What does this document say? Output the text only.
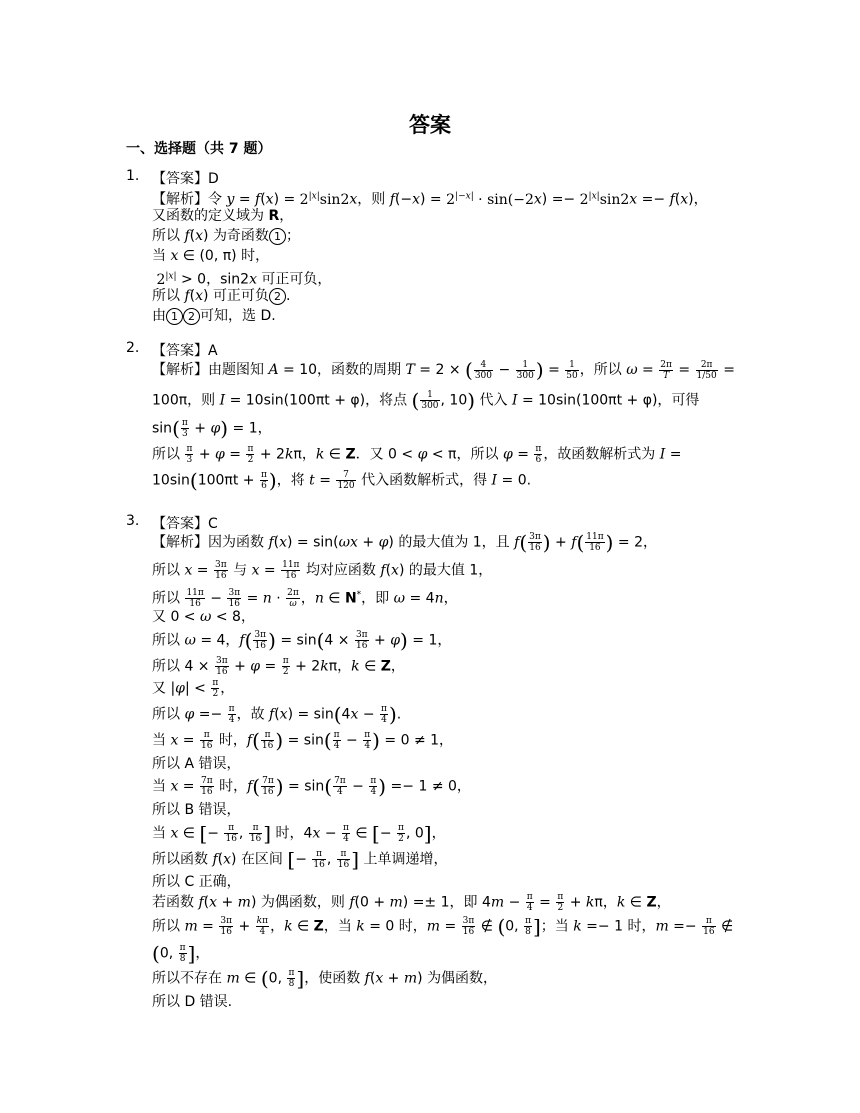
答案
一、选择题（共 7 题）
1. 【答案】D
【解析】令 $y = f(x) = 2^{|x|}\sin 2x$，则 $f(-x) = 2^{|-x|} \cdot \sin(-2x) =- 2^{|x|}\sin 2x =- f(x)$，
又函数的定义域为 R，
所以 f(x) 为奇函数 1 ；
当 x ∈ (0, π) 时，
$2^{|x|} > 0$，sin2x 可正可负，
所以 f(x) 可正可负 2 .
由 1 2 可知，选 D.
2. 【答案】A
【解析】由题图知 A = 10，函数的周期 T = 2 × ( $\frac{4}{300} - \frac{1}{300}$ ) = $\frac{1}{50}$ ，所以 $\omega = \frac{2\pi}{T} = \frac{2\pi}{1/50}$ =
100π，则 I = 10sin(100πt + φ)，将点 ( $\frac{1}{300}$ , 10) 代入 I = 10sin(100πt + φ)，可得
$\sin( \frac{\pi}{3} + \varphi) = 1$，
所以 $\frac{\pi}{3} + \varphi = \frac{\pi}{2} + 2k\pi$，k ∈ Z．又 0 < φ < π，所以 $\varphi = \frac{\pi}{6}$ ，故函数解析式为 I =
$10\sin(100\pi t + \frac{\pi}{6}$ )，将 $t = \frac{7}{120}$ 代入函数解析式，得 I = 0.
3. 【答案】C
【解析】因为函数 f(x) = sin(ωx + φ) 的最大值为 1，且 $f( \frac{3\pi}{16}$ ) + $f( \frac{11\pi}{16}$ ) = 2，
所以 $x = \frac{3\pi}{16}$ 与 $x = \frac{11\pi}{16}$ 均对应函数 f(x) 的最大值 1，
所以 $\frac{11\pi}{16} - \frac{3\pi}{16} = n \cdot \frac{2\pi}{\omega}$ ，n ∈ N*，即 ω = 4n，
又 0 < ω < 8，
所以 ω = 4，$f( \frac{3\pi}{16}$ ) = $\sin(4 \times \frac{3\pi}{16} + \varphi) = 1$，
所以 $4 \times \frac{3\pi}{16} + \varphi = \frac{\pi}{2} + 2k\pi$，k ∈ Z，
又 $|\varphi| < \frac{\pi}{2}$ ，
所以 $\varphi =- \frac{\pi}{4}$ ，故 $f(x) = \sin(4x - \frac{\pi}{4}$ ).
当 $x = \frac{\pi}{16}$ 时，$f( \frac{\pi}{16}$ ) = $\sin( \frac{\pi}{4} - \frac{\pi}{4}$ ) = 0 ≠ 1，
所以 A 错误，
当 $x = \frac{7\pi}{16}$ 时，$f( \frac{7\pi}{16}$ ) = $\sin( \frac{7\pi}{4} - \frac{\pi}{4}$ ) =− 1 ≠ 0，
所以 B 错误，
当 x ∈ [− $\frac{\pi}{16}$ , $\frac{\pi}{16}$ ] 时，$4x - \frac{\pi}{4}$ ∈ [− $\frac{\pi}{2}$ , 0]，
所以函数 f(x) 在区间 [− $\frac{\pi}{16}$ , $\frac{\pi}{16}$ ] 上单调递增，
所以 C 正确，
若函数 f(x + m) 为偶函数，则 f(0 + m) =± 1，即 $4m - \frac{\pi}{4} = \frac{\pi}{2} + k\pi$，k ∈ Z，
所以 $m = \frac{3\pi}{16} + \frac{k\pi}{4}$ ，k ∈ Z，当 k = 0 时，$m = \frac{3\pi}{16}$ ∉ (0, $\frac{\pi}{8}$ ]；当 k =− 1 时，$m =- \frac{\pi}{16}$ ∉
(0, $\frac{\pi}{8}$ ]，
所以不存在 m ∈ (0, $\frac{\pi}{8}$ ]，使函数 f(x + m) 为偶函数，
所以 D 错误.
